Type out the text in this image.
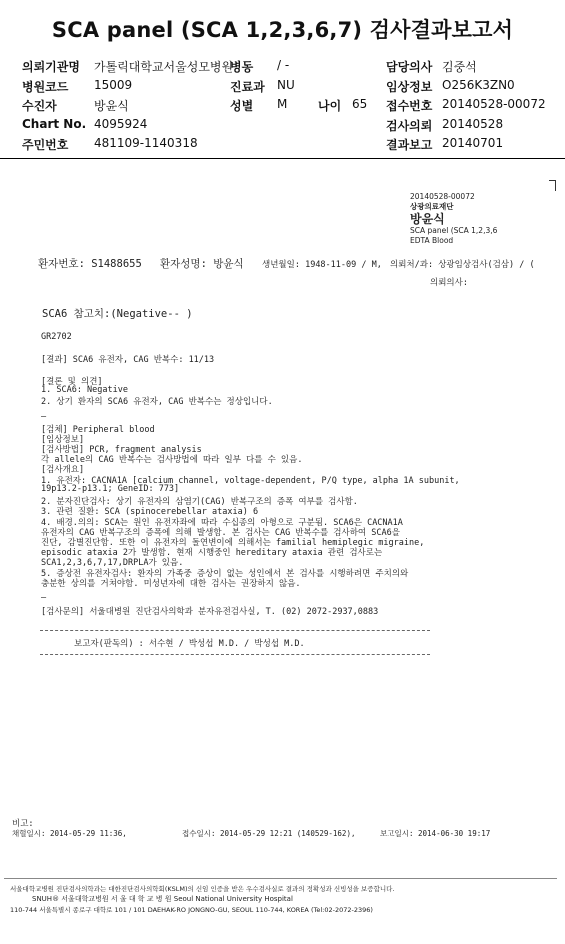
SCA panel (SCA 1,2,3,6,7) 검사결과보고서
의뢰기관명 가톨릭대학교서울성모병원
병동 / -	담당의사 김중석
병원코드 15009	진료과 NU	임상정보 O256K3ZN0
수진자	방윤식	성별 M	나이 65 접수번호 20140528-00072
Chart No. 4095924	검사의뢰 20140528
주민번호 481109-1140318	결과보고 20140701
20140528-00072
상광의료재단
방윤식
SCA panel (SCA 1,2,3,6
EDTA Blood
환자번호: S1488655 환자성명: 방윤식 생년월일: 1948-11-09 / M, 의뢰처/과: 상광임상검사(검삼) / (
의뢰의사:
SCA6 참고치:(Negative-- )
GR2702
[결과] SCA6 유전자, CAG 반복수: 11/13
[결론 및 의견]
1. SCA6: Negative
2. 상기 환자의 SCA6 유전자, CAG 반복수는 정상입니다.
—
[검체] Peripheral blood
[임상정보]
[검사방법] PCR, fragment analysis
각 allele의 CAG 반복수는 검사방법에 따라 일부 다를 수 있음.
[검사개요]
1. 유전자: CACNA1A [calcium channel, voltage-dependent, P/Q type, alpha 1A subunit,
19p13.2-p13.1; GeneID: 773]
2. 분자진단검사: 상기 유전자의 삼염기(CAG) 반복구조의 증폭 여부를 검사함.
3. 관련 질환: SCA (spinocerebellar ataxia) 6
4. 배경.의의: SCA는 원인 유전자좌에 따라 수십종의 아형으로 구분됨. SCA6은 CACNA1A
유전자의 CAG 반복구조의 증폭에 의해 발생함. 본 검사는 CAG 반복수를 검사하여 SCA6을
진단, 감별진단함. 또한 이 유전자의 돌연변이에 의해서는 familial hemiplegic migraine,
episodic ataxia 2가 발생함. 현재 시행중인 hereditary ataxia 관련 검사로는
SCA1,2,3,6,7,17,DRPLA가 있음.
5. 증상전 유전자검사: 환자의 가족중 증상이 없는 성인에서 본 검사를 시행하려면 주치의와
충분한 상의를 거쳐야함. 미성년자에 대한 검사는 권장하지 않음.
—
[검사문의] 서울대병원 진단검사의학과 분자유전검사실, T. (02) 2072-2937,0883
보고자(판독의) : 서수현 / 박성섭 M.D. / 박성섭 M.D.
비고:
채혈일시: 2014-05-29 11:36,	접수일시: 2014-05-29 12:21 (140529-162),	보고일시: 2014-06-30 19:17
서울대학교병원 진단검사의학과는 대한진단검사의학회(KSLM)의 신임 인증을 받은 우수검사실로 결과의 정확성과 신빙성을 보증합니다.
SNUH® 서울대학교병원 서 울 대 학 교 병 원 Seoul National University Hospital
110-744 서울특별시 종로구 대학로 101 / 101 DAEHAK-RO JONGNO-GU, SEOUL 110-744, KOREA (Tel:02-2072-2396)
